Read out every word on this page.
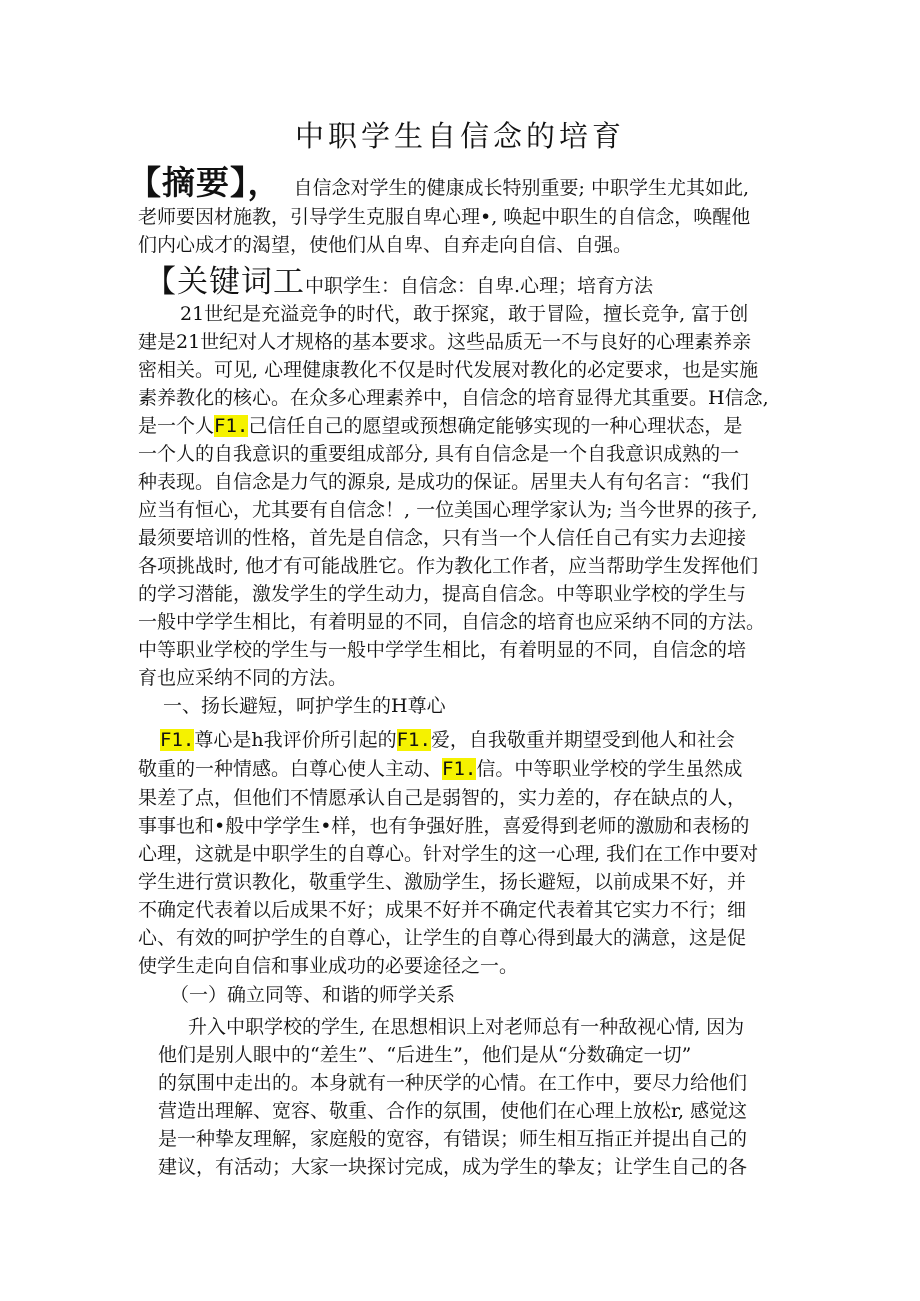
中职学生自信念的培育
【摘要】， 自信念对学生的健康成长特别重要; 中职学生尤其如此,
老师要因材施教，引导学生克服自卑心理•, 唤起中职生的自信念，唤醒他
们内心成才的渴望，使他们从自卑、自弃走向自信、自强。
【关键词工中职学生：自信念：自卑.心理；培育方法
21世纪是充溢竞争的时代，敢于探窕，敢于冒险，擅长竞争, 富于创
建是21世纪对人才规格的基本要求。这些品质无一不与良好的心理素养亲
密相关。可见, 心理健康教化不仅是时代发展对教化的必定要求，也是实施
素养教化的核心。在众多心理素养中，自信念的培育显得尤其重要。H信念,
是一个人F1.己信任自己的愿望或预想确定能够实现的一种心理状态，是
一个人的自我意识的重要组成部分, 具有自信念是一个自我意识成熟的一
种表现。自信念是力气的源泉, 是成功的保证。居里夫人有句名言：“我们
应当有恒心，尤其要有自信念！, 一位美国心理学家认为; 当今世界的孩子,
最须要培训的性格，首先是自信念，只有当一个人信任自己有实力去迎接
各项挑战时, 他才有可能战胜它。作为教化工作者，应当帮助学生发挥他们
的学习潜能，激发学生的学生动力，提高自信念。中等职业学校的学生与
一般中学学生相比，有着明显的不同，自信念的培育也应采纳不同的方法。
中等职业学校的学生与一般中学学生相比，有着明显的不同，自信念的培
育也应采纳不同的方法。
一、扬长避短，呵护学生的H尊心
F1.尊心是h我评价所引起的F1.爱，自我敬重并期望受到他人和社会
敬重的一种情感。白尊心使人主动、F1.信。中等职业学校的学生虽然成
果差了点，但他们不情愿承认自己是弱智的，实力差的，存在缺点的人，
事事也和•般中学学生•样，也有争强好胜，喜爱得到老师的激励和表杨的
心理，这就是中职学生的自尊心。针对学生的这一心理, 我们在工作中要对
学生进行赏识教化，敬重学生、激励学生，扬长避短，以前成果不好，并
不确定代表着以后成果不好；成果不好并不确定代表着其它实力不行；细
心、有效的呵护学生的自尊心，让学生的自尊心得到最大的满意，这是促
使学生走向自信和事业成功的必要途径之一。
（一）确立同等、和谐的师学关系
升入中职学校的学生, 在思想相识上对老师总有一种敌视心情, 因为
他们是别人眼中的“差生”、“后进生”，他们是从“分数确定一切”
的氛围中走出的。本身就有一种厌学的心情。在工作中，要尽力给他们
营造出理解、宽容、敬重、合作的氛围，使他们在心理上放松r, 感觉这
是一种挚友理解，家庭般的宽容，有错误；师生相互指正并提出自己的
建议，有活动；大家一块探讨完成，成为学生的挚友；让学生自己的各
